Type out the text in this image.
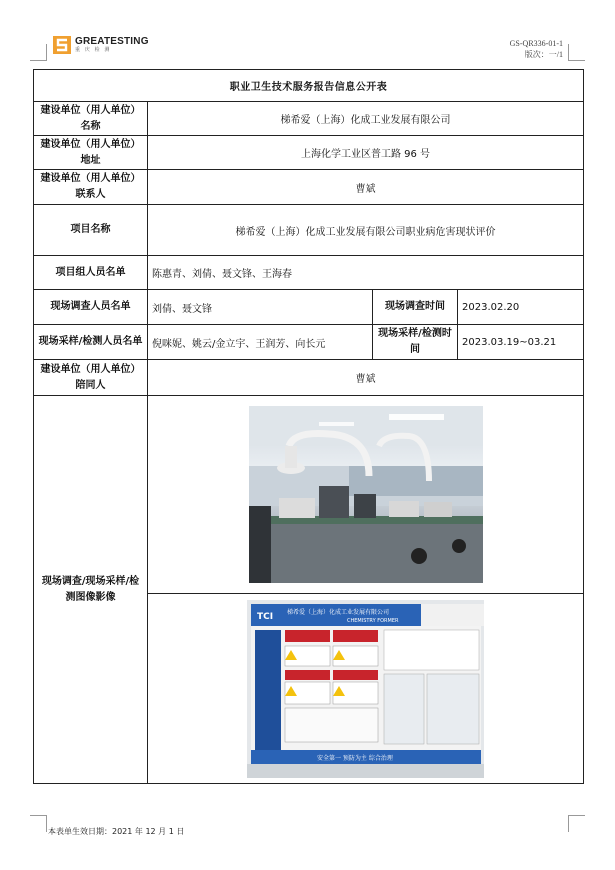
GREATESTING
重 庆 检 测
GS-QR336-01-1
版次：一/1
职业卫生技术服务报告信息公开表			
建设单位（用人单位）名称	梯希爱（上海）化成工业发展有限公司		
建设单位（用人单位）地址	上海化学工业区普工路 96 号		
建设单位（用人单位）联系人	曹斌		
项目名称	梯希爱（上海）化成工业发展有限公司职业病危害现状评价		
项目组人员名单	陈惠青、刘倩、聂文锋、王海春		
现场调查人员名单	刘倩、聂文锋	现场调查时间	2023.02.20
现场采样/检测人员名单	倪咪妮、姚云/金立宇、王润芳、向长元	现场采样/检测时间	2023.03.19~03.21
建设单位（用人单位）陪同人	曹斌		
现场调查/现场采样/检测图像影像	

TCI 梯希爱（上海）化成工业发展有限公司
CHEMISTRY FORMER
安全第一 预防为主 综合治理		
本表单生效日期：2021 年 12 月 1 日
